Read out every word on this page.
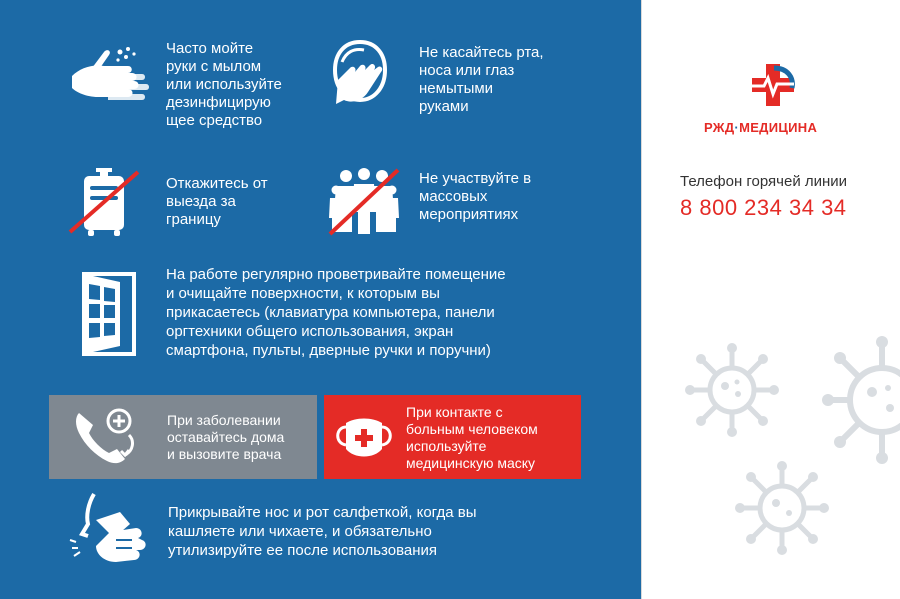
Часто мойте
руки с мылом
или используйте
дезинфицирую
щее средство
Не касайтесь рта,
носа или глаз
немытыми
руками
Откажитесь от
выезда за
границу
Не участвуйте в
массовых
мероприятиях
На работе регулярно проветривайте помещение
и очищайте поверхности, к которым вы
прикасаетесь (клавиатура компьютера, панели
оргтехники общего использования, экран
смартфона, пульты, дверные ручки и поручни)
При заболевании
оставайтесь дома
и вызовите врача
При контакте с
больным человеком
используйте
медицинскую маску
Прикрывайте нос и рот салфеткой, когда вы
кашляете или чихаете, и обязательно
утилизируйте ее после использования
РЖД·МЕДИЦИНА
Телефон горячей линии
8 800 234 34 34
